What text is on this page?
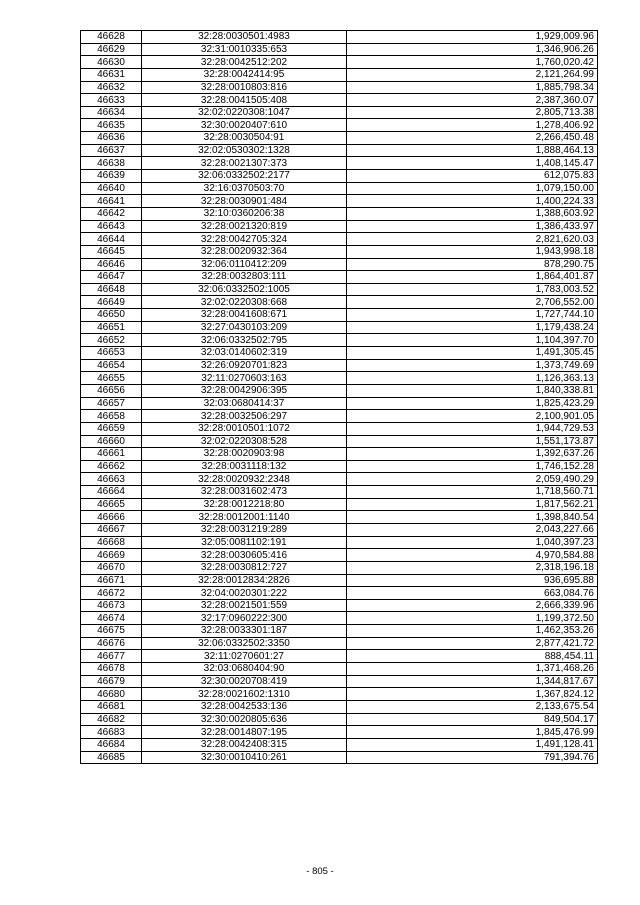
46628	32:28:0030501:4983	1,929,009.96
46629	32:31:0010335:653	1,346,906.26
46630	32:28:0042512:202	1,760,020.42
46631	32:28:0042414:95	2,121,264.99
46632	32:28:0010803:816	1,885,798.34
46633	32:28:0041505:408	2,387,360.07
46634	32:02:0220308:1047	2,805,713.38
46635	32:30:0020407:610	1,278,406.92
46636	32:28:0030504:91	2,266,450.48
46637	32:02:0530302:1328	1,888,464.13
46638	32:28:0021307:373	1,408,145.47
46639	32:06:0332502:2177	612,075.83
46640	32:16:0370503:70	1,079,150.00
46641	32:28:0030901:484	1,400,224.33
46642	32:10:0360206:38	1,388,603.92
46643	32:28:0021320:819	1,386,433.97
46644	32:28:0042705:324	2,821,620.03
46645	32:28:0020932:364	1,943,998.18
46646	32:06:0110412:209	878,290.75
46647	32:28:0032803:111	1,864,401.87
46648	32:06:0332502:1005	1,783,003.52
46649	32:02:0220308:668	2,706,552.00
46650	32:28:0041608:671	1,727,744.10
46651	32:27:0430103:209	1,179,438.24
46652	32:06:0332502:795	1,104,397.70
46653	32:03:0140602:319	1,491,305.45
46654	32:26:0920701:823	1,373,749.69
46655	32:11:0270603:163	1,126,363.13
46656	32:28:0042906:395	1,840,338.81
46657	32:03:0680414:37	1,825,423.29
46658	32:28:0032506:297	2,100,901.05
46659	32:28:0010501:1072	1,944,729.53
46660	32:02:0220308:528	1,551,173.87
46661	32:28:0020903:98	1,392,637.26
46662	32:28:0031118:132	1,746,152.28
46663	32:28:0020932:2348	2,059,490.29
46664	32:28:0031602:473	1,718,560.71
46665	32:28:0012218:80	1,817,562.21
46666	32:28:0012001:1140	1,398,840.54
46667	32:28:0031219:289	2,043,227.66
46668	32:05:0081102:191	1,040,397.23
46669	32:28:0030605:416	4,970,584.88
46670	32:28:0030812:727	2,318,196.18
46671	32:28:0012834:2826	936,695.88
46672	32:04:0020301:222	663,084.76
46673	32:28:0021501:559	2,666,339.96
46674	32:17:0960222:300	1,199,372.50
46675	32:28:0033301:187	1,462,353.26
46676	32:06:0332502:3350	2,877,421.72
46677	32:11:0270601:27	888,454.11
46678	32:03:0680404:90	1,371,468.26
46679	32:30:0020708:419	1,344,817.67
46680	32:28:0021602:1310	1,367,824.12
46681	32:28:0042533:136	2,133,675.54
46682	32:30:0020805:636	849,504.17
46683	32:28:0014807:195	1,845,476.99
46684	32:28:0042408:315	1,491,128.41
46685	32:30:0010410:261	791,394.76
- 805 -
